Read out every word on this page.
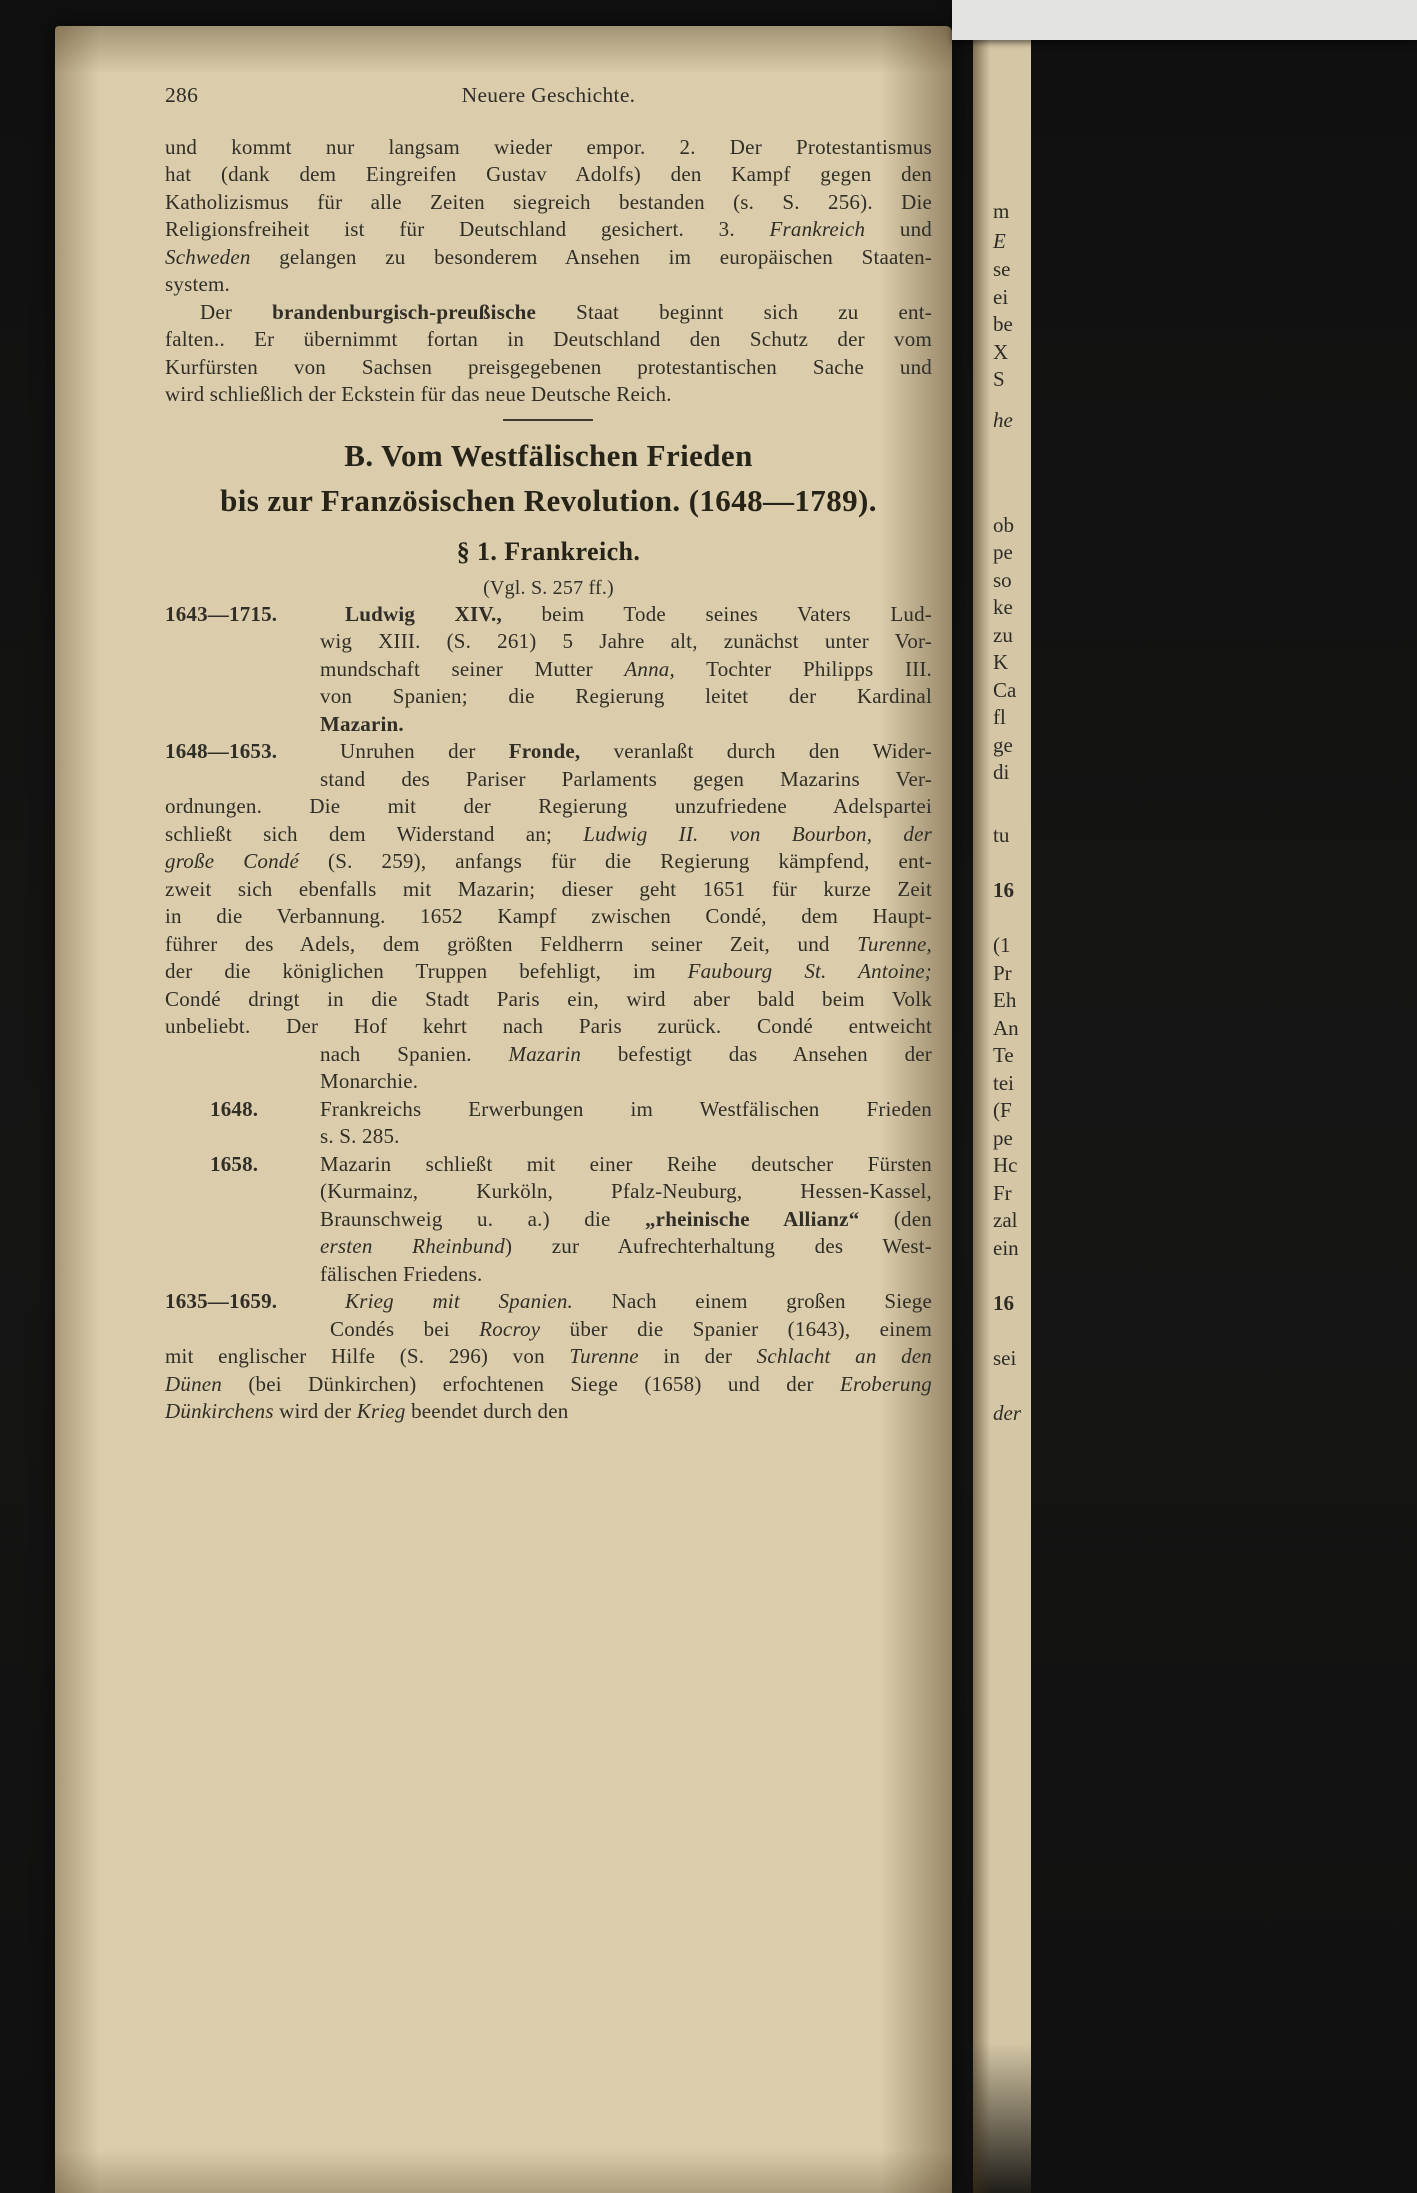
286	Neuere Geschichte.
B. Vom Westfälischen Frieden
bis zur Französischen Revolution. (1648—1789).
§ 1. Frankreich.
(Vgl. S. 257 ff.)
und kommt nur langsam wieder empor. 2. Der Protestantismus
hat (dank dem Eingreifen Gustav Adolfs) den Kampf gegen den
Katholizismus für alle Zeiten siegreich bestanden (s. S. 256). Die
Religionsfreiheit ist für Deutschland gesichert. 3. Frankreich und
Schweden gelangen zu besonderem Ansehen im europäischen Staaten-
system.
Der brandenburgisch-preußische Staat beginnt sich zu ent-
falten.. Er übernimmt fortan in Deutschland den Schutz der vom
Kurfürsten von Sachsen preisgegebenen protestantischen Sache und
wird schließlich der Eckstein für das neue Deutsche Reich.
1643—1715.	Ludwig XIV., beim Tode seines Vaters Lud-
wig XIII. (S. 261) 5 Jahre alt, zunächst unter Vor-
mundschaft seiner Mutter Anna, Tochter Philipps III.
von Spanien; die Regierung leitet der Kardinal
Mazarin.
1648—1653.	Unruhen der Fronde, veranlaßt durch den Wider-
stand des Pariser Parlaments gegen Mazarins Ver-
ordnungen. Die mit der Regierung unzufriedene Adelspartei
schließt sich dem Widerstand an; Ludwig II. von Bourbon, der
große Condé (S. 259), anfangs für die Regierung kämpfend, ent-
zweit sich ebenfalls mit Mazarin; dieser geht 1651 für kurze Zeit
in die Verbannung. 1652 Kampf zwischen Condé, dem Haupt-
führer des Adels, dem größten Feldherrn seiner Zeit, und Turenne,
der die königlichen Truppen befehligt, im Faubourg St. Antoine;
Condé dringt in die Stadt Paris ein, wird aber bald beim Volk
unbeliebt. Der Hof kehrt nach Paris zurück. Condé entweicht
nach Spanien. Mazarin befestigt das Ansehen der
Monarchie.
1648.	Frankreichs Erwerbungen im Westfälischen Frieden
s. S. 285.
1658.	Mazarin schließt mit einer Reihe deutscher Fürsten
(Kurmainz, Kurköln, Pfalz-Neuburg, Hessen-Kassel,
Braunschweig u. a.) die „rheinische Allianz“ (den
ersten Rheinbund) zur Aufrechterhaltung des West-
fälischen Friedens.
1635—1659.	Krieg mit Spanien. Nach einem großen Siege
Condés bei Rocroy über die Spanier (1643), einem
mit englischer Hilfe (S. 296) von Turenne in der Schlacht an den
Dünen (bei Dünkirchen) erfochtenen Siege (1658) und der Eroberung
Dünkirchens wird der Krieg beendet durch den
m
E
se
ei
be
X
S
he
ob
pe
so
ke
zu
K
Ca
fl
ge
di
tu
16
(1
Pr
Eh
An
Te
tei
(F
pe
Hc
Fr
zal
ein
16
sei
der
